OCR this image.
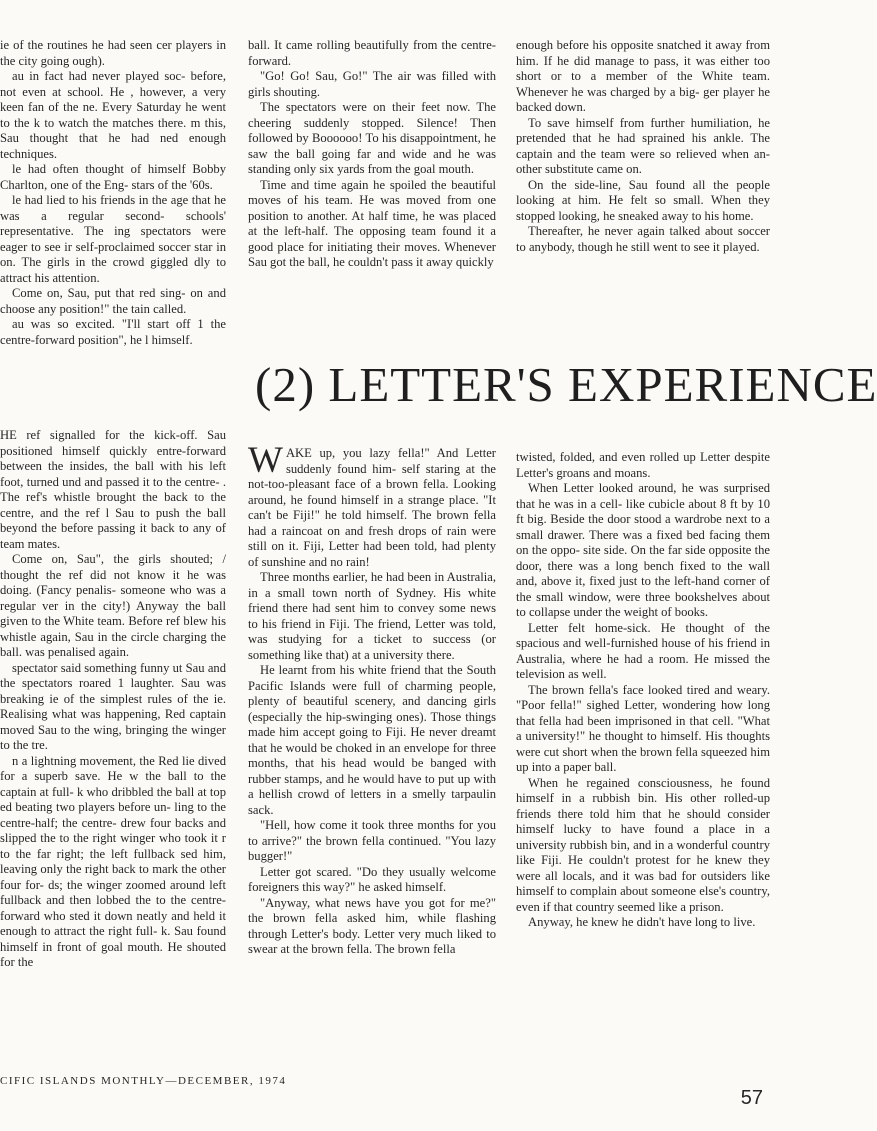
ie of the routines he had seen cer players in the city going ough).

au in fact had never played soc- before, not even at school. He , however, a very keen fan of the ne. Every Saturday he went to the k to watch the matches there. m this, Sau thought that he had ned enough techniques.

le had often thought of himself Bobby Charlton, one of the Eng- stars of the '60s.

le had lied to his friends in the age that he was a regular second- schools' representative. The ing spectators were eager to see ir self-proclaimed soccer star in on. The girls in the crowd giggled dly to attract his attention.

Come on, Sau, put that red sing- on and choose any position!" the tain called.

au was so excited. "I'll start off 1 the centre-forward position", he l himself.

ball. It came rolling beautifully from the centre-forward.

"Go! Go! Sau, Go!" The air was filled with girls shouting.

The spectators were on their feet now. The cheering suddenly stopped. Silence! Then followed by Boooooo! To his disappointment, he saw the ball going far and wide and he was standing only six yards from the goal mouth.

Time and time again he spoiled the beautiful moves of his team. He was moved from one position to another. At half time, he was placed at the left-half. The opposing team found it a good place for initiating their moves. Whenever Sau got the ball, he couldn't pass it away quickly

enough before his opposite snatched it away from him. If he did manage to pass, it was either too short or to a member of the White team. Whenever he was charged by a big- ger player he backed down.

To save himself from further humiliation, he pretended that he had sprained his ankle. The captain and the team were so relieved when an- other substitute came on.

On the side-line, Sau found all the people looking at him. He felt so small. When they stopped looking, he sneaked away to his home.

Thereafter, he never again talked about soccer to anybody, though he still went to see it played.

(2) LETTER'S EXPERIENCE

HE ref signalled for the kick-off. Sau positioned himself quickly entre-forward between the insides, the ball with his left foot, turned und and passed it to the centre- . The ref's whistle brought the back to the centre, and the ref l Sau to push the ball beyond the before passing it back to any of team mates.

Come on, Sau", the girls shouted; / thought the ref did not know it he was doing. (Fancy penalis- someone who was a regular ver in the city!) Anyway the ball given to the White team. Before ref blew his whistle again, Sau in the circle charging the ball. was penalised again.

spectator said something funny ut Sau and the spectators roared 1 laughter. Sau was breaking ie of the simplest rules of the ie. Realising what was happening, Red captain moved Sau to the wing, bringing the winger to the tre.

n a lightning movement, the Red lie dived for a superb save. He w the ball to the captain at full- k who dribbled the ball at top ed beating two players before un- ling to the centre-half; the centre- drew four backs and slipped the to the right winger who took it r to the far right; the left fullback sed him, leaving only the right back to mark the other four for- ds; the winger zoomed around left fullback and then lobbed the to the centre-forward who sted it down neatly and held it enough to attract the right full- k. Sau found himself in front of goal mouth. He shouted for the

WAKE up, you lazy fella!" And Letter suddenly found him- self staring at the not-too-pleasant face of a brown fella. Looking around, he found himself in a strange place. "It can't be Fiji!" he told himself. The brown fella had a raincoat on and fresh drops of rain were still on it. Fiji, Letter had been told, had plenty of sunshine and no rain!

Three months earlier, he had been in Australia, in a small town north of Sydney. His white friend there had sent him to convey some news to his friend in Fiji. The friend, Letter was told, was studying for a ticket to success (or something like that) at a university there.

He learnt from his white friend that the South Pacific Islands were full of charming people, plenty of beautiful scenery, and dancing girls (especially the hip-swinging ones). Those things made him accept going to Fiji. He never dreamt that he would be choked in an envelope for three months, that his head would be banged with rubber stamps, and he would have to put up with a hellish crowd of letters in a smelly tarpaulin sack.

"Hell, how come it took three months for you to arrive?" the brown fella continued. "You lazy bugger!"

Letter got scared. "Do they usually welcome foreigners this way?" he asked himself.

"Anyway, what news have you got for me?" the brown fella asked him, while flashing through Letter's body. Letter very much liked to swear at the brown fella. The brown fella

twisted, folded, and even rolled up Letter despite Letter's groans and moans.

When Letter looked around, he was surprised that he was in a cell- like cubicle about 8 ft by 10 ft big. Beside the door stood a wardrobe next to a small drawer. There was a fixed bed facing them on the oppo- site side. On the far side opposite the door, there was a long bench fixed to the wall and, above it, fixed just to the left-hand corner of the small window, were three bookshelves about to collapse under the weight of books.

Letter felt home-sick. He thought of the spacious and well-furnished house of his friend in Australia, where he had a room. He missed the television as well.

The brown fella's face looked tired and weary. "Poor fella!" sighed Letter, wondering how long that fella had been imprisoned in that cell. "What a university!" he thought to himself. His thoughts were cut short when the brown fella squeezed him up into a paper ball.

When he regained consciousness, he found himself in a rubbish bin. His other rolled-up friends there told him that he should consider himself lucky to have found a place in a university rubbish bin, and in a wonderful country like Fiji. He couldn't protest for he knew they were all locals, and it was bad for outsiders like himself to complain about someone else's country, even if that country seemed like a prison.

Anyway, he knew he didn't have long to live.

CIFIC ISLANDS MONTHLY—DECEMBER, 1974
57
